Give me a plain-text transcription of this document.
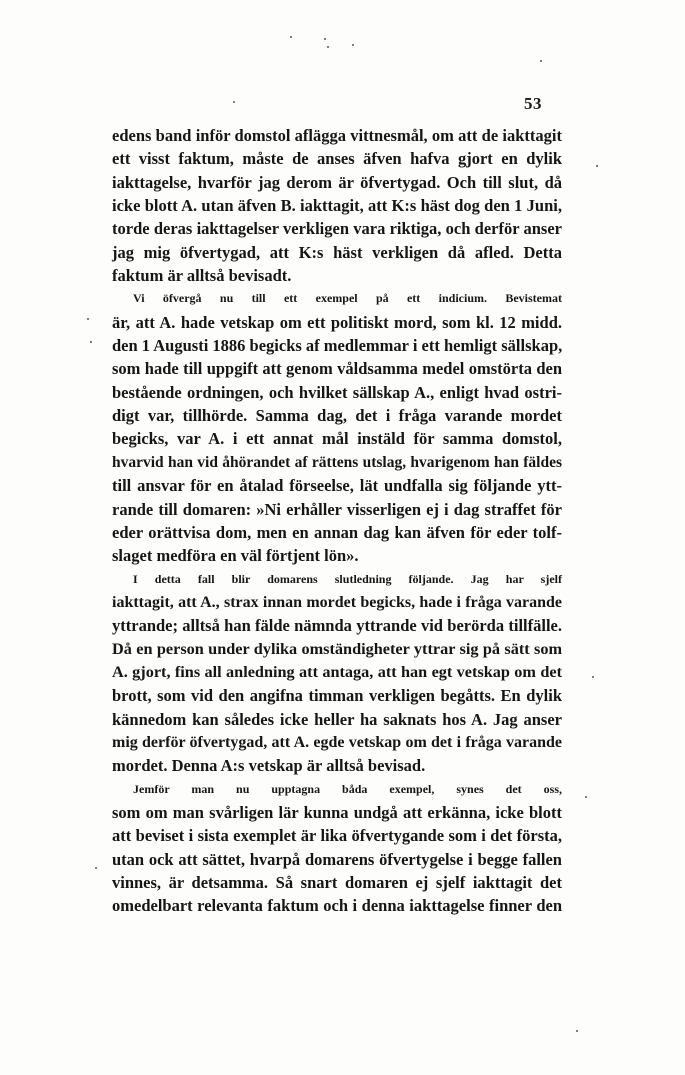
53
edens band inför domstol aflägga vittnesmål, om att de iakttagit
ett visst faktum, måste de anses äfven hafva gjort en dylik
iakttagelse, hvarför jag derom är öfvertygad. Och till slut, då
icke blott A. utan äfven B. iakttagit, att K:s häst dog den 1 Juni,
torde deras iakttagelser verkligen vara riktiga, och derför anser
jag mig öfvertygad, att K:s häst verkligen då afled. Detta
faktum är alltså bevisadt.
Vi öfvergå nu till ett exempel på ett indicium. Bevistemat
är, att A. hade vetskap om ett politiskt mord, som kl. 12 midd.
den 1 Augusti 1886 begicks af medlemmar i ett hemligt sällskap,
som hade till uppgift att genom våldsamma medel omstörta den
bestående ordningen, och hvilket sällskap A., enligt hvad ostri-
digt var, tillhörde. Samma dag, det i fråga varande mordet
begicks, var A. i ett annat mål instäld för samma domstol,
hvarvid han vid åhörandet af rättens utslag, hvarigenom han fäldes
till ansvar för en åtalad förseelse, lät undfalla sig följande ytt-
rande till domaren: »Ni erhåller visserligen ej i dag straffet för
eder orättvisa dom, men en annan dag kan äfven för eder tolf-
slaget medföra en väl förtjent lön».
I detta fall blir domarens slutledning följande. Jag har sjelf
iakttagit, att A., strax innan mordet begicks, hade i fråga varande
yttrande; alltså han fälde nämnda yttrande vid berörda tillfälle.
Då en person under dylika omständigheter yttrar sig på sätt som
A. gjort, fins all anledning att antaga, att han egt vetskap om det
brott, som vid den angifna timman verkligen begåtts. En dylik
kännedom kan således icke heller ha saknats hos A. Jag anser
mig derför öfvertygad, att A. egde vetskap om det i fråga varande
mordet. Denna A:s vetskap är alltså bevisad.
Jemför man nu upptagna båda exempel, synes det oss,
som om man svårligen lär kunna undgå att erkänna, icke blott
att beviset i sista exemplet är lika öfvertygande som i det första,
utan ock att sättet, hvarpå domarens öfvertygelse i begge fallen
vinnes, är detsamma. Så snart domaren ej sjelf iakttagit det
omedelbart relevanta faktum och i denna iakttagelse finner den
